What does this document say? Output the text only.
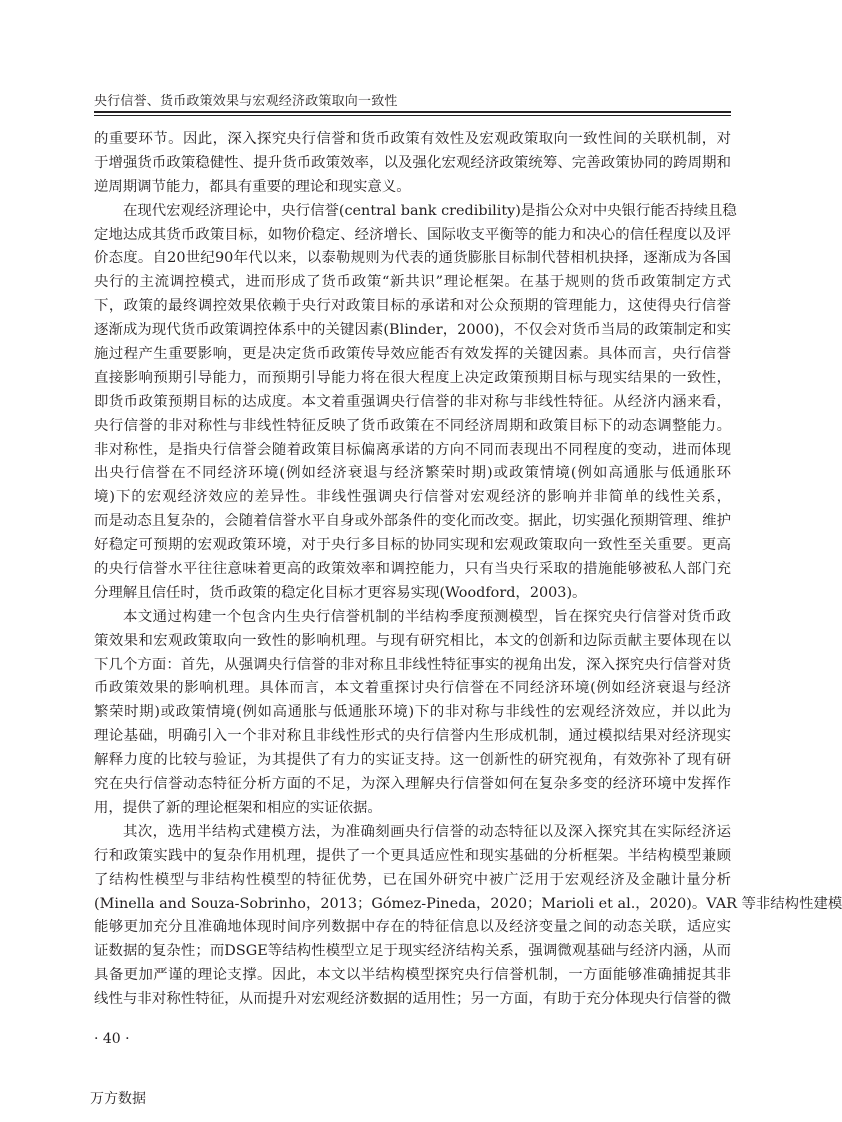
央行信誉、货币政策效果与宏观经济政策取向一致性
的重要环节。因此，深入探究央行信誉和货币政策有效性及宏观政策取向一致性间的关联机制，对
于增强货币政策稳健性、提升货币政策效率，以及强化宏观经济政策统筹、完善政策协同的跨周期和
逆周期调节能力，都具有重要的理论和现实意义。
在现代宏观经济理论中，央行信誉(central bank credibility)是指公众对中央银行能否持续且稳
定地达成其货币政策目标，如物价稳定、经济增长、国际收支平衡等的能力和决心的信任程度以及评
价态度。自20世纪90年代以来，以泰勒规则为代表的通货膨胀目标制代替相机抉择，逐渐成为各国
央行的主流调控模式，进而形成了货币政策“新共识”理论框架。在基于规则的货币政策制定方式
下，政策的最终调控效果依赖于央行对政策目标的承诺和对公众预期的管理能力，这使得央行信誉
逐渐成为现代货币政策调控体系中的关键因素(Blinder，2000)，不仅会对货币当局的政策制定和实
施过程产生重要影响，更是决定货币政策传导效应能否有效发挥的关键因素。具体而言，央行信誉
直接影响预期引导能力，而预期引导能力将在很大程度上决定政策预期目标与现实结果的一致性，
即货币政策预期目标的达成度。本文着重强调央行信誉的非对称与非线性特征。从经济内涵来看，
央行信誉的非对称性与非线性特征反映了货币政策在不同经济周期和政策目标下的动态调整能力。
非对称性，是指央行信誉会随着政策目标偏离承诺的方向不同而表现出不同程度的变动，进而体现
出央行信誉在不同经济环境(例如经济衰退与经济繁荣时期)或政策情境(例如高通胀与低通胀环
境)下的宏观经济效应的差异性。非线性强调央行信誉对宏观经济的影响并非简单的线性关系，
而是动态且复杂的，会随着信誉水平自身或外部条件的变化而改变。据此，切实强化预期管理、维护
好稳定可预期的宏观政策环境，对于央行多目标的协同实现和宏观政策取向一致性至关重要。更高
的央行信誉水平往往意味着更高的政策效率和调控能力，只有当央行采取的措施能够被私人部门充
分理解且信任时，货币政策的稳定化目标才更容易实现(Woodford，2003)。
本文通过构建一个包含内生央行信誉机制的半结构季度预测模型，旨在探究央行信誉对货币政
策效果和宏观政策取向一致性的影响机理。与现有研究相比，本文的创新和边际贡献主要体现在以
下几个方面：首先，从强调央行信誉的非对称且非线性特征事实的视角出发，深入探究央行信誉对货
币政策效果的影响机理。具体而言，本文着重探讨央行信誉在不同经济环境(例如经济衰退与经济
繁荣时期)或政策情境(例如高通胀与低通胀环境)下的非对称与非线性的宏观经济效应，并以此为
理论基础，明确引入一个非对称且非线性形式的央行信誉内生形成机制，通过模拟结果对经济现实
解释力度的比较与验证，为其提供了有力的实证支持。这一创新性的研究视角，有效弥补了现有研
究在央行信誉动态特征分析方面的不足，为深入理解央行信誉如何在复杂多变的经济环境中发挥作
用，提供了新的理论框架和相应的实证依据。
其次，选用半结构式建模方法，为准确刻画央行信誉的动态特征以及深入探究其在实际经济运
行和政策实践中的复杂作用机理，提供了一个更具适应性和现实基础的分析框架。半结构模型兼顾
了结构性模型与非结构性模型的特征优势，已在国外研究中被广泛用于宏观经济及金融计量分析
(Minella and Souza-Sobrinho，2013；Gómez-Pineda，2020；Marioli et al.，2020)。VAR 等非结构性建模
能够更加充分且准确地体现时间序列数据中存在的特征信息以及经济变量之间的动态关联，适应实
证数据的复杂性；而DSGE等结构性模型立足于现实经济结构关系，强调微观基础与经济内涵，从而
具备更加严谨的理论支撑。因此，本文以半结构模型探究央行信誉机制，一方面能够准确捕捉其非
线性与非对称性特征，从而提升对宏观经济数据的适用性；另一方面，有助于充分体现央行信誉的微
· 40 ·
万方数据
